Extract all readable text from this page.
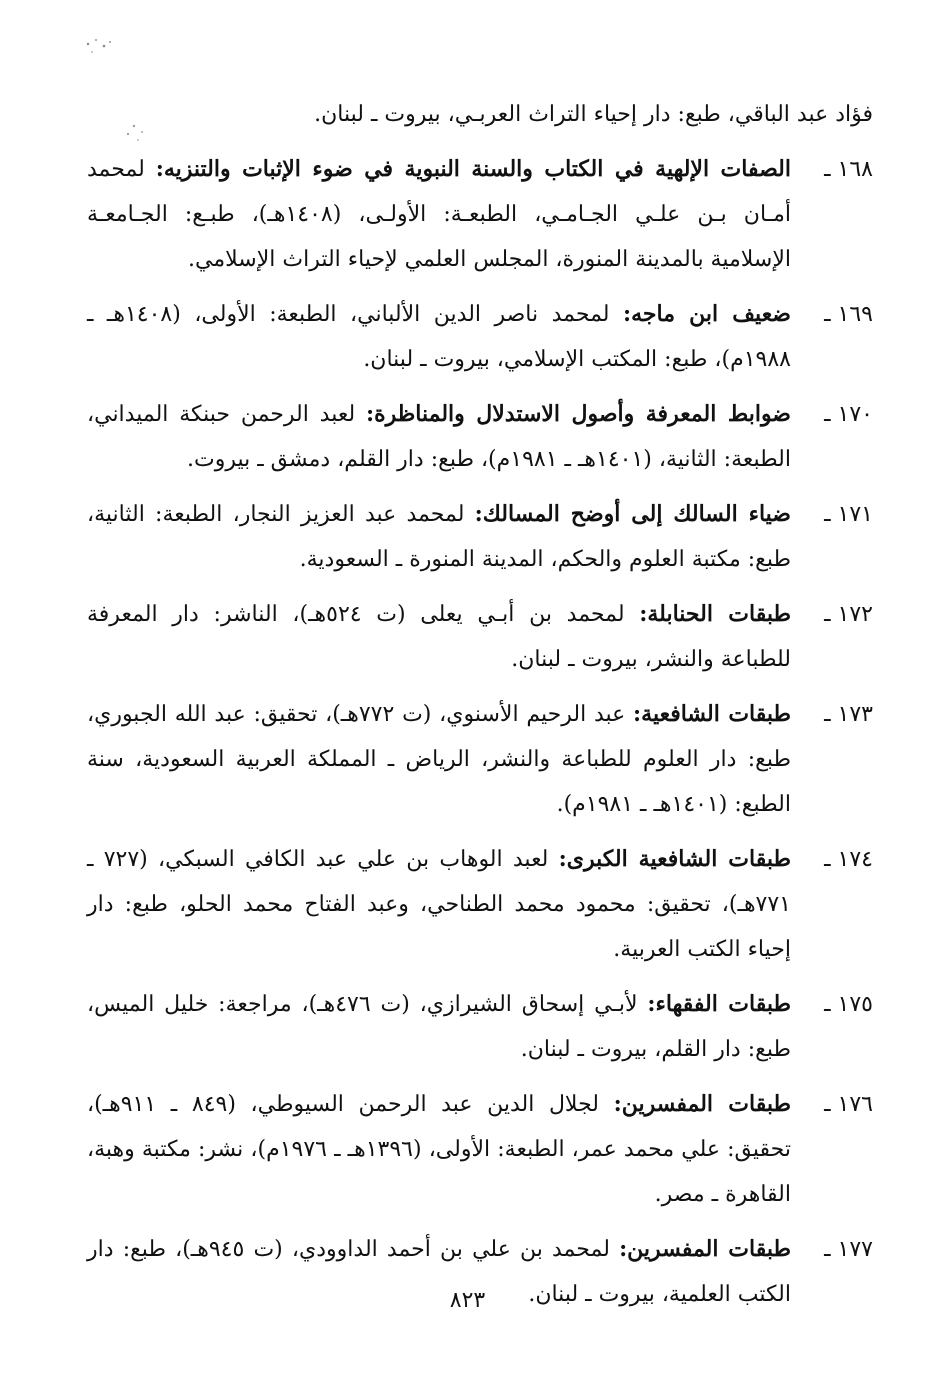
فؤاد عبد الباقي، طبع: دار إحياء التراث العربـي، بيروت ـ لبنان.
١٦٨ ـ
الصفات الإلهية في الكتاب والسنة النبوية في ضوء الإثبات والتنزيه: لمحمد أمـان بـن علـي الجـامـي، الطبعـة: الأولـى، (١٤٠٨هـ)، طبـع: الجـامعـة الإسلامية بالمدينة المنورة، المجلس العلمي لإحياء التراث الإسلامي.
١٦٩ ـ
ضعيف ابن ماجه: لمحمد ناصر الدين الألباني، الطبعة: الأولى، (١٤٠٨هـ ـ ١٩٨٨م)، طبع: المكتب الإسلامي، بيروت ـ لبنان.
١٧٠ ـ
ضوابط المعرفة وأصول الاستدلال والمناظرة: لعبد الرحمن حبنكة الميداني، الطبعة: الثانية، (١٤٠١هـ ـ ١٩٨١م)، طبع: دار القلم، دمشق ـ بيروت.
١٧١ ـ
ضياء السالك إلى أوضح المسالك: لمحمد عبد العزيز النجار، الطبعة: الثانية، طبع: مكتبة العلوم والحكم، المدينة المنورة ـ السعودية.
١٧٢ ـ
طبقات الحنابلة: لمحمد بن أبـي يعلى (ت ٥٢٤هـ)، الناشر: دار المعرفة للطباعة والنشر، بيروت ـ لبنان.
١٧٣ ـ
طبقات الشافعية: عبد الرحيم الأسنوي، (ت ٧٧٢هـ)، تحقيق: عبد الله الجبوري، طبع: دار العلوم للطباعة والنشر، الرياض ـ المملكة العربية السعودية، سنة الطبع: (١٤٠١هـ ـ ١٩٨١م).
١٧٤ ـ
طبقات الشافعية الكبرى: لعبد الوهاب بن علي عبد الكافي السبكي، (٧٢٧ ـ ٧٧١هـ)، تحقيق: محمود محمد الطناحي، وعبد الفتاح محمد الحلو، طبع: دار إحياء الكتب العربية.
١٧٥ ـ
طبقات الفقهاء: لأبـي إسحاق الشيرازي، (ت ٤٧٦هـ)، مراجعة: خليل الميس، طبع: دار القلم، بيروت ـ لبنان.
١٧٦ ـ
طبقات المفسرين: لجلال الدين عبد الرحمن السيوطي، (٨٤٩ ـ ٩١١هـ)، تحقيق: علي محمد عمر، الطبعة: الأولى، (١٣٩٦هـ ـ ١٩٧٦م)، نشر: مكتبة وهبة، القاهرة ـ مصر.
١٧٧ ـ
طبقات المفسرين: لمحمد بن علي بن أحمد الداوودي، (ت ٩٤٥هـ)، طبع: دار الكتب العلمية، بيروت ـ لبنان.
٨٢٣
